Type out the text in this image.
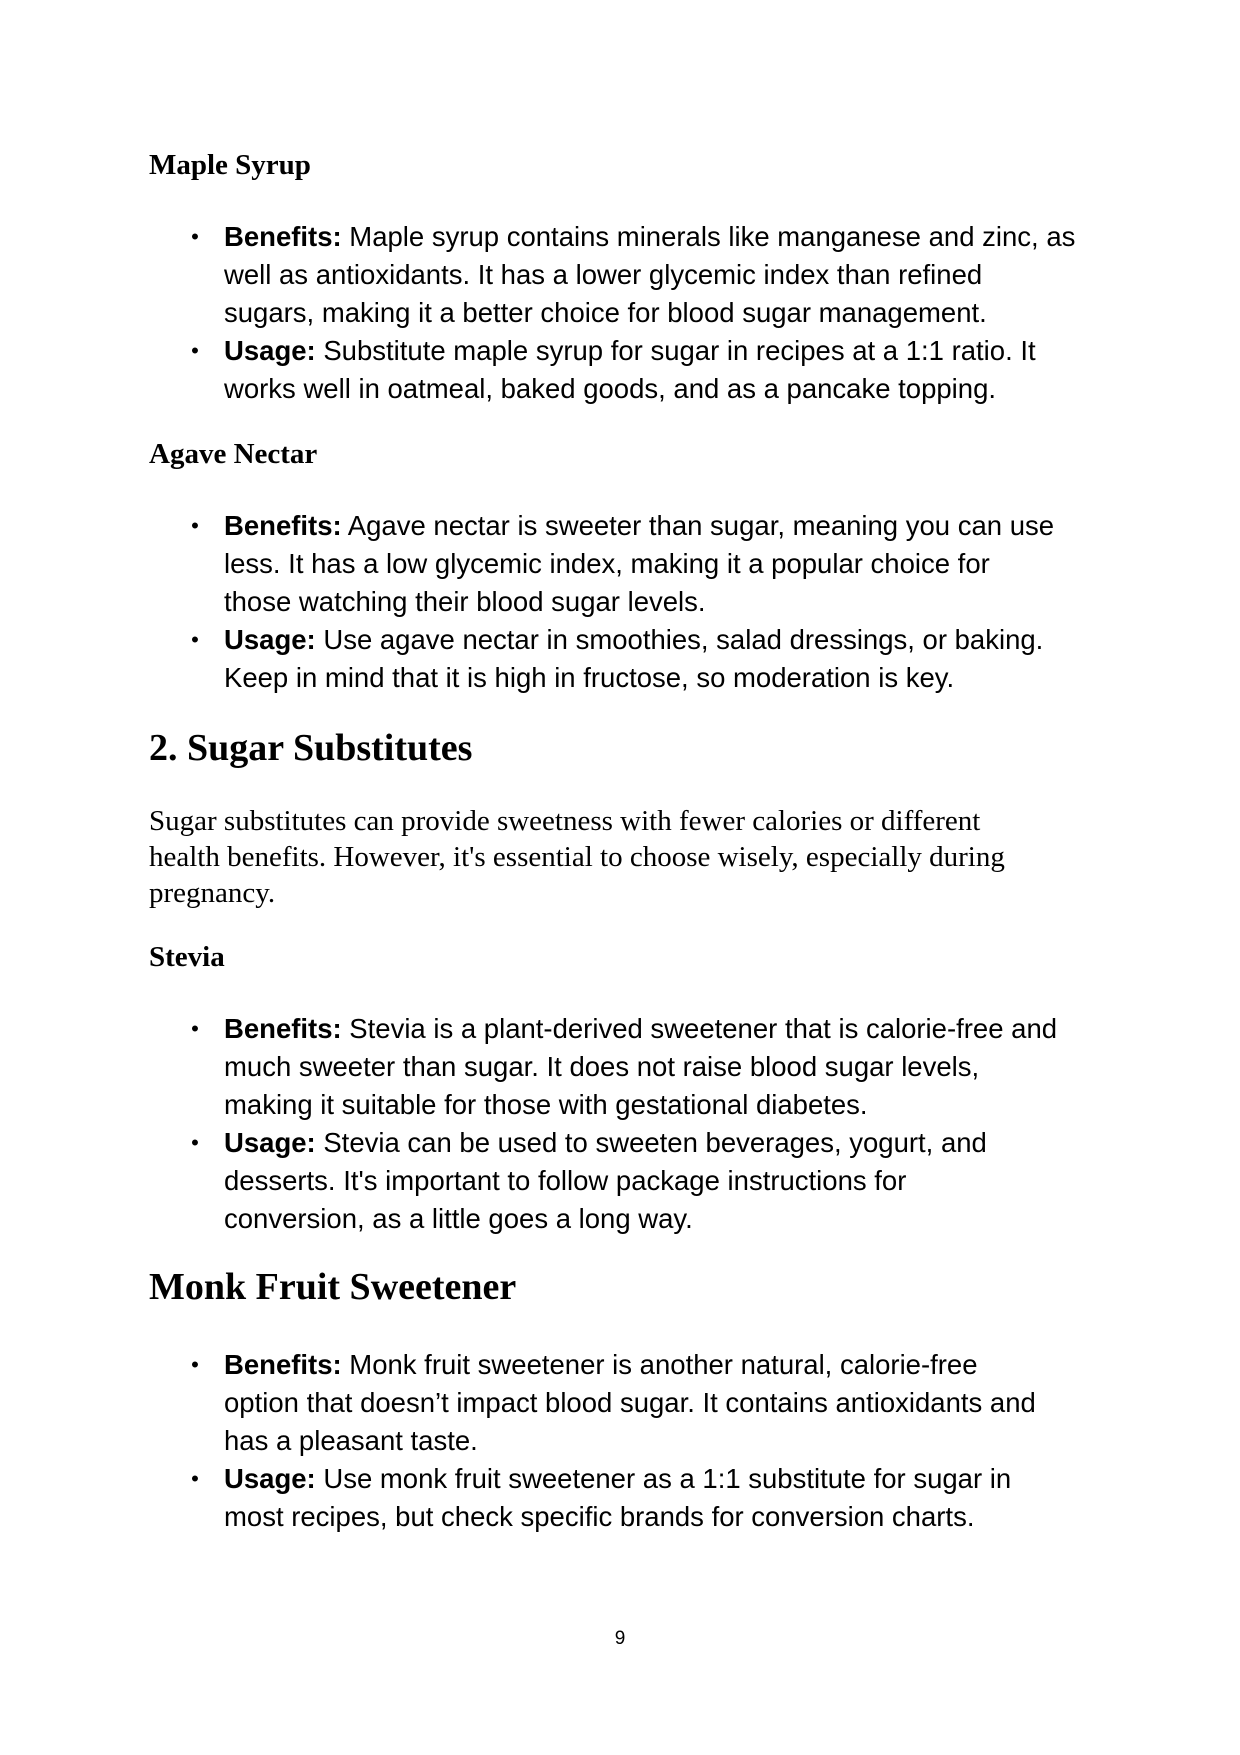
Maple Syrup
• Benefits: Maple syrup contains minerals like manganese and zinc, as
well as antioxidants. It has a lower glycemic index than refined
sugars, making it a better choice for blood sugar management.
• Usage: Substitute maple syrup for sugar in recipes at a 1:1 ratio. It
works well in oatmeal, baked goods, and as a pancake topping.
Agave Nectar
• Benefits: Agave nectar is sweeter than sugar, meaning you can use
less. It has a low glycemic index, making it a popular choice for
those watching their blood sugar levels.
• Usage: Use agave nectar in smoothies, salad dressings, or baking.
Keep in mind that it is high in fructose, so moderation is key.
2. Sugar Substitutes

Sugar substitutes can provide sweetness with fewer calories or different
health benefits. However, it's essential to choose wisely, especially during
pregnancy.

Stevia
• Benefits: Stevia is a plant-derived sweetener that is calorie-free and
much sweeter than sugar. It does not raise blood sugar levels,
making it suitable for those with gestational diabetes.
• Usage: Stevia can be used to sweeten beverages, yogurt, and
desserts. It's important to follow package instructions for
conversion, as a little goes a long way.
Monk Fruit Sweetener
• Benefits: Monk fruit sweetener is another natural, calorie-free
option that doesn’t impact blood sugar. It contains antioxidants and
has a pleasant taste.
• Usage: Use monk fruit sweetener as a 1:1 substitute for sugar in
most recipes, but check specific brands for conversion charts.
9
